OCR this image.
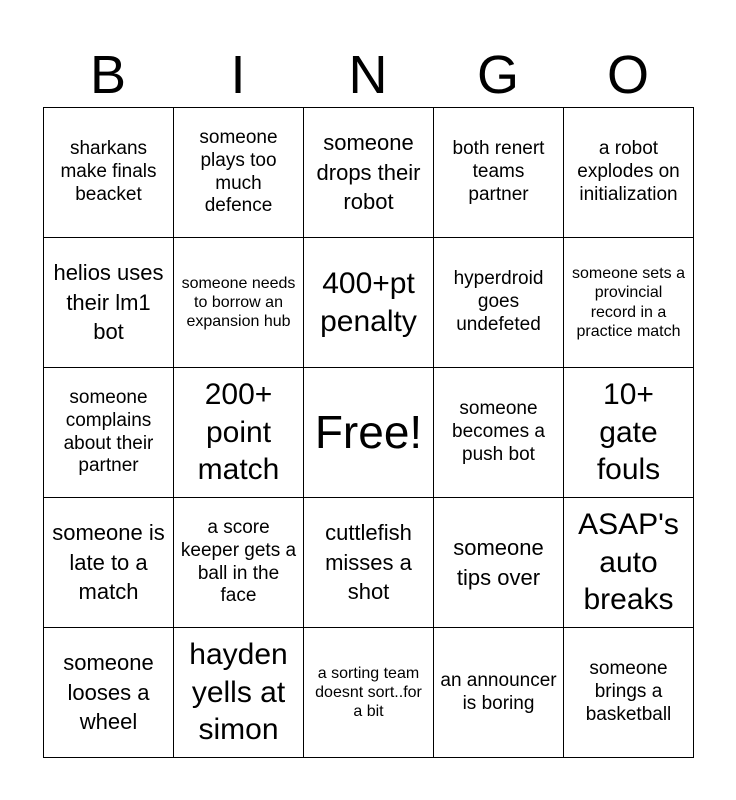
B	I	N	G	O
sharkans make finals beacket	someone plays too much defence	someone drops their robot	both renert teams partner	a robot explodes on initialization
helios uses their lm1 bot	someone needs to borrow an expansion hub	400+pt penalty	hyperdroid goes undefeted	someone sets a provincial record in a practice match
someone complains about their partner	200+ point match	Free!	someone becomes a push bot	10+ gate fouls
someone is late to a match	a score keeper gets a ball in the face	cuttlefish misses a shot	someone tips over	ASAP's auto breaks
someone looses a wheel	hayden yells at simon	a sorting team doesnt sort..for a bit	an announcer is boring	someone brings a basketball
